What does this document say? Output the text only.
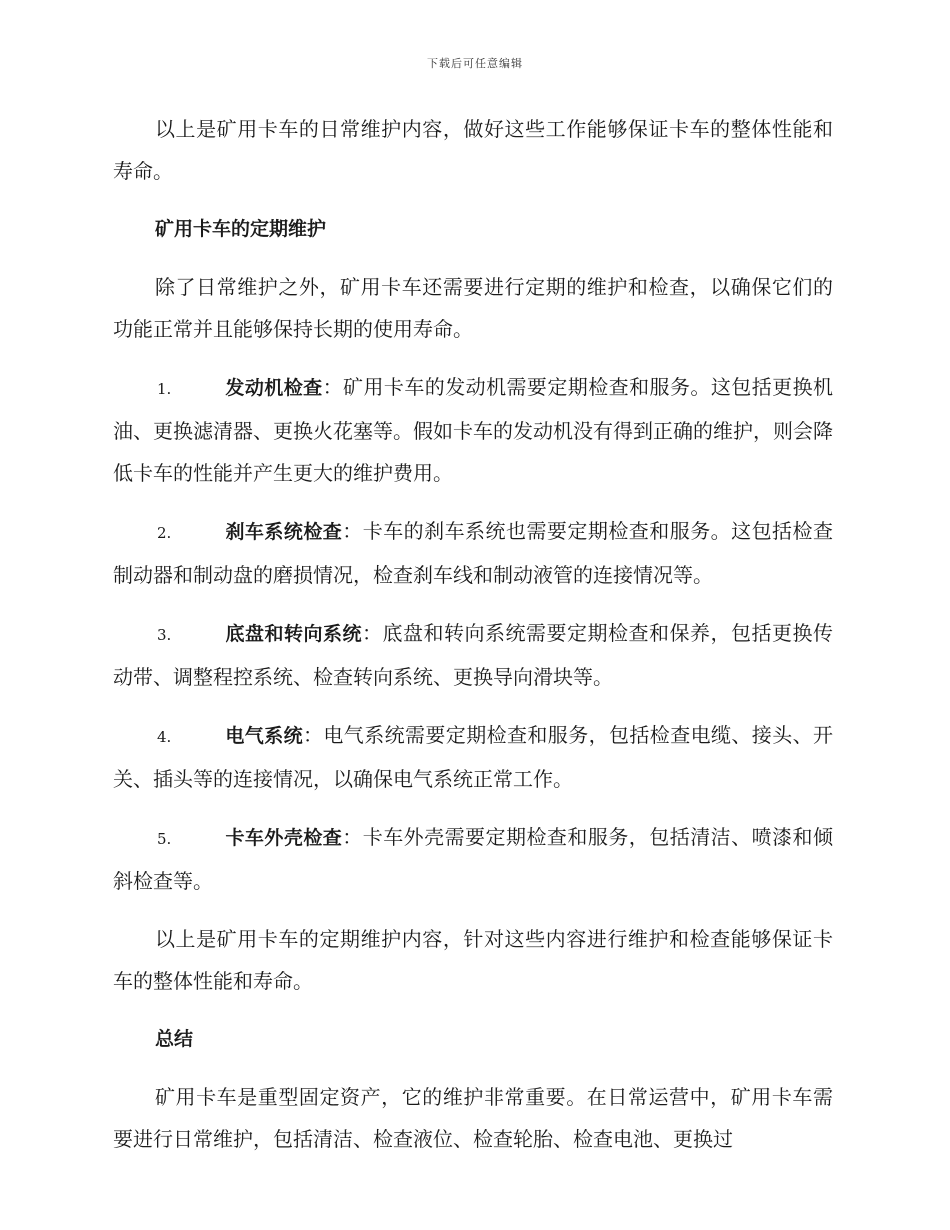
下载后可任意编辑

以上是矿用卡车的日常维护内容，做好这些工作能够保证卡车的整体性能和寿命。

矿用卡车的定期维护

除了日常维护之外，矿用卡车还需要进行定期的维护和检查，以确保它们的功能正常并且能够保持长期的使用寿命。

1.	发动机检查：矿用卡车的发动机需要定期检查和服务。这包括更换机油、更换滤清器、更换火花塞等。假如卡车的发动机没有得到正确的维护，则会降低卡车的性能并产生更大的维护费用。

2.	刹车系统检查：卡车的刹车系统也需要定期检查和服务。这包括检查制动器和制动盘的磨损情况，检查刹车线和制动液管的连接情况等。

3.	底盘和转向系统：底盘和转向系统需要定期检查和保养，包括更换传动带、调整程控系统、检查转向系统、更换导向滑块等。

4.	电气系统：电气系统需要定期检查和服务，包括检查电缆、接头、开关、插头等的连接情况，以确保电气系统正常工作。

5.	卡车外壳检查：卡车外壳需要定期检查和服务，包括清洁、喷漆和倾斜检查等。

以上是矿用卡车的定期维护内容，针对这些内容进行维护和检查能够保证卡车的整体性能和寿命。

总结

矿用卡车是重型固定资产，它的维护非常重要。在日常运营中，矿用卡车需要进行日常维护，包括清洁、检查液位、检查轮胎、检查电池、更换过
